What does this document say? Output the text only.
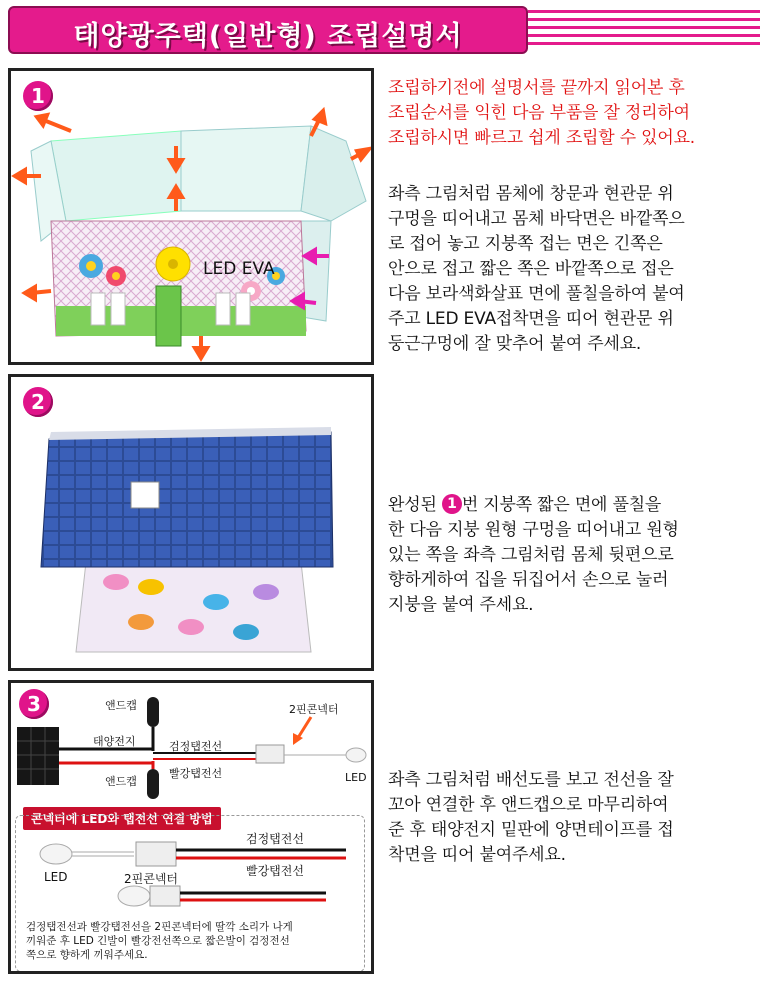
태양광주택(일반형) 조립설명서
1
LED EVA
조립하기전에 설명서를 끝까지 읽어본 후
조립순서를 익힌 다음 부품을 잘 정리하여
조립하시면 빠르고 쉽게 조립할 수 있어요.
좌측 그림처럼 몸체에 창문과 현관문 위
구멍을 띠어내고 몸체 바닥면은 바깥쪽으
로 접어 놓고 지붕쪽 접는 면은 긴쪽은
안으로 접고 짧은 쪽은 바깥쪽으로 접은
다음 보라색화살표 면에 풀칠을하여 붙여
주고 LED EVA접착면을 띠어 현관문 위
둥근구멍에 잘 맞추어 붙여 주세요.
2

완성된 1 번 지붕쪽 짧은 면에 풀칠을
한 다음 지붕 원형 구멍을 띠어내고 원형
있는 쪽을 좌측 그림처럼 몸체 뒷편으로
향하게하여 집을 뒤집어서 손으로 눌러
지붕을 붙여 주세요.

3	앤드캡
태양전지	검정탭전선
빨강탭전선
앤드캡
2핀콘넥터
LED
콘넥터에 LED와 탭전선 연결 방법
검정탭전선
빨강탭전선
LED	2핀콘넥터
검정탭전선과 빨강탭전선을 2핀콘넥터에 딸깍 소리가 나게
끼워준 후 LED 긴발이 빨강전선쪽으로 짧은발이 검정전선
쪽으로 향하게 끼워주세요.
좌측 그림처럼 배선도를 보고 전선을 잘
꼬아 연결한 후 앤드캡으로 마무리하여
준 후 태양전지 밑판에 양면테이프를 접
착면을 띠어 붙여주세요.
